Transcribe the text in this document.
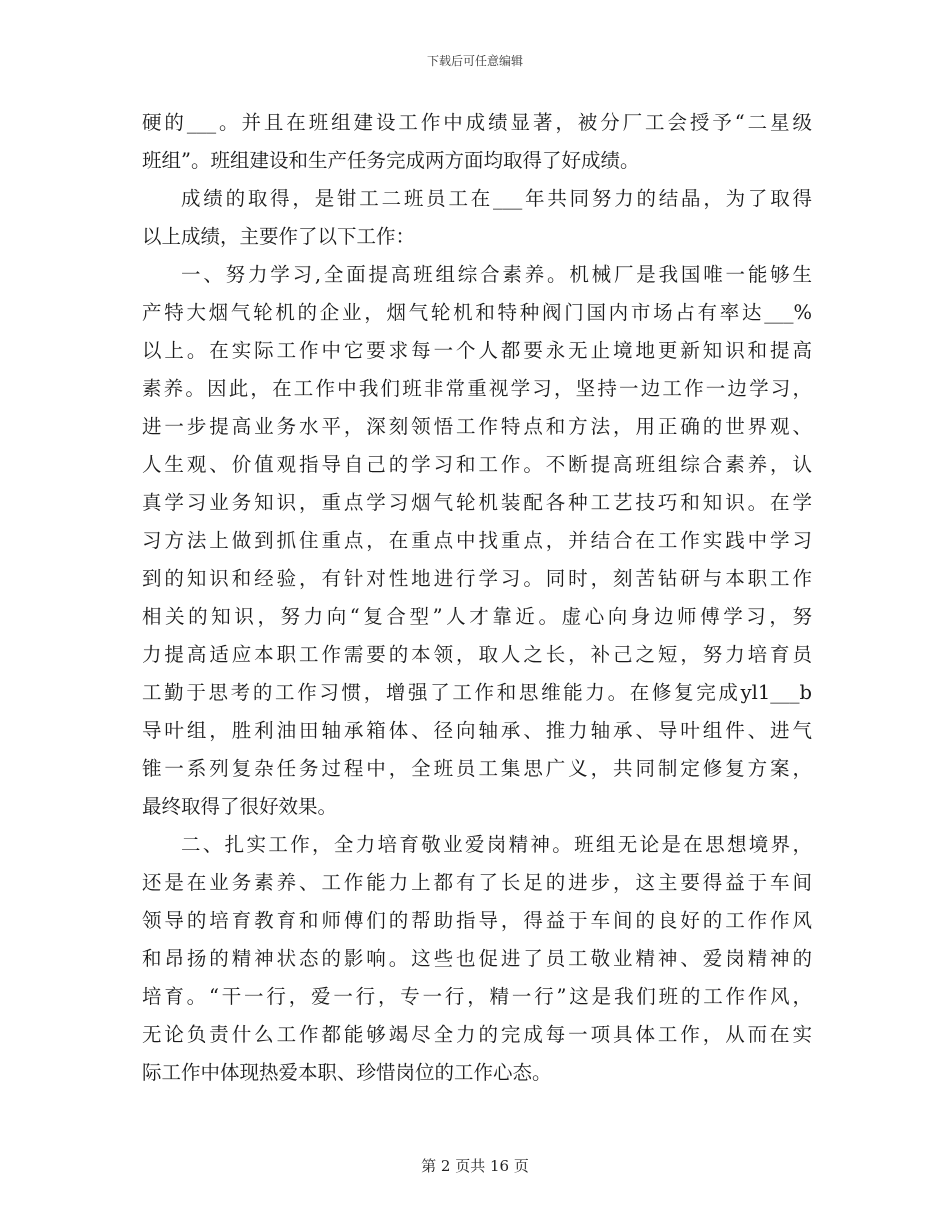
下载后可任意编辑
硬的___。并且在班组建设工作中成绩显著，被分厂工会授予“二星级
班组”。班组建设和生产任务完成两方面均取得了好成绩。
成绩的取得，是钳工二班员工在___年共同努力的结晶，为了取得
以上成绩，主要作了以下工作：
一、努力学习,全面提高班组综合素养。机械厂是我国唯一能够生
产特大烟气轮机的企业，烟气轮机和特种阀门国内市场占有率达___%
以上。在实际工作中它要求每一个人都要永无止境地更新知识和提高
素养。因此，在工作中我们班非常重视学习，坚持一边工作一边学习，
进一步提高业务水平，深刻领悟工作特点和方法，用正确的世界观、
人生观、价值观指导自己的学习和工作。不断提高班组综合素养，认
真学习业务知识，重点学习烟气轮机装配各种工艺技巧和知识。在学
习方法上做到抓住重点，在重点中找重点，并结合在工作实践中学习
到的知识和经验，有针对性地进行学习。同时，刻苦钻研与本职工作
相关的知识，努力向“复合型”人才靠近。虚心向身边师傅学习，努
力提高适应本职工作需要的本领，取人之长，补己之短，努力培育员
工勤于思考的工作习惯，增强了工作和思维能力。在修复完成yl1___b
导叶组，胜利油田轴承箱体、径向轴承、推力轴承、导叶组件、进气
锥一系列复杂任务过程中，全班员工集思广义，共同制定修复方案，
最终取得了很好效果。
二、扎实工作，全力培育敬业爱岗精神。班组无论是在思想境界，
还是在业务素养、工作能力上都有了长足的进步，这主要得益于车间
领导的培育教育和师傅们的帮助指导，得益于车间的良好的工作作风
和昂扬的精神状态的影响。这些也促进了员工敬业精神、爱岗精神的
培育。“干一行，爱一行，专一行，精一行”这是我们班的工作作风，
无论负责什么工作都能够竭尽全力的完成每一项具体工作，从而在实
际工作中体现热爱本职、珍惜岗位的工作心态。
第 2 页共 16 页
